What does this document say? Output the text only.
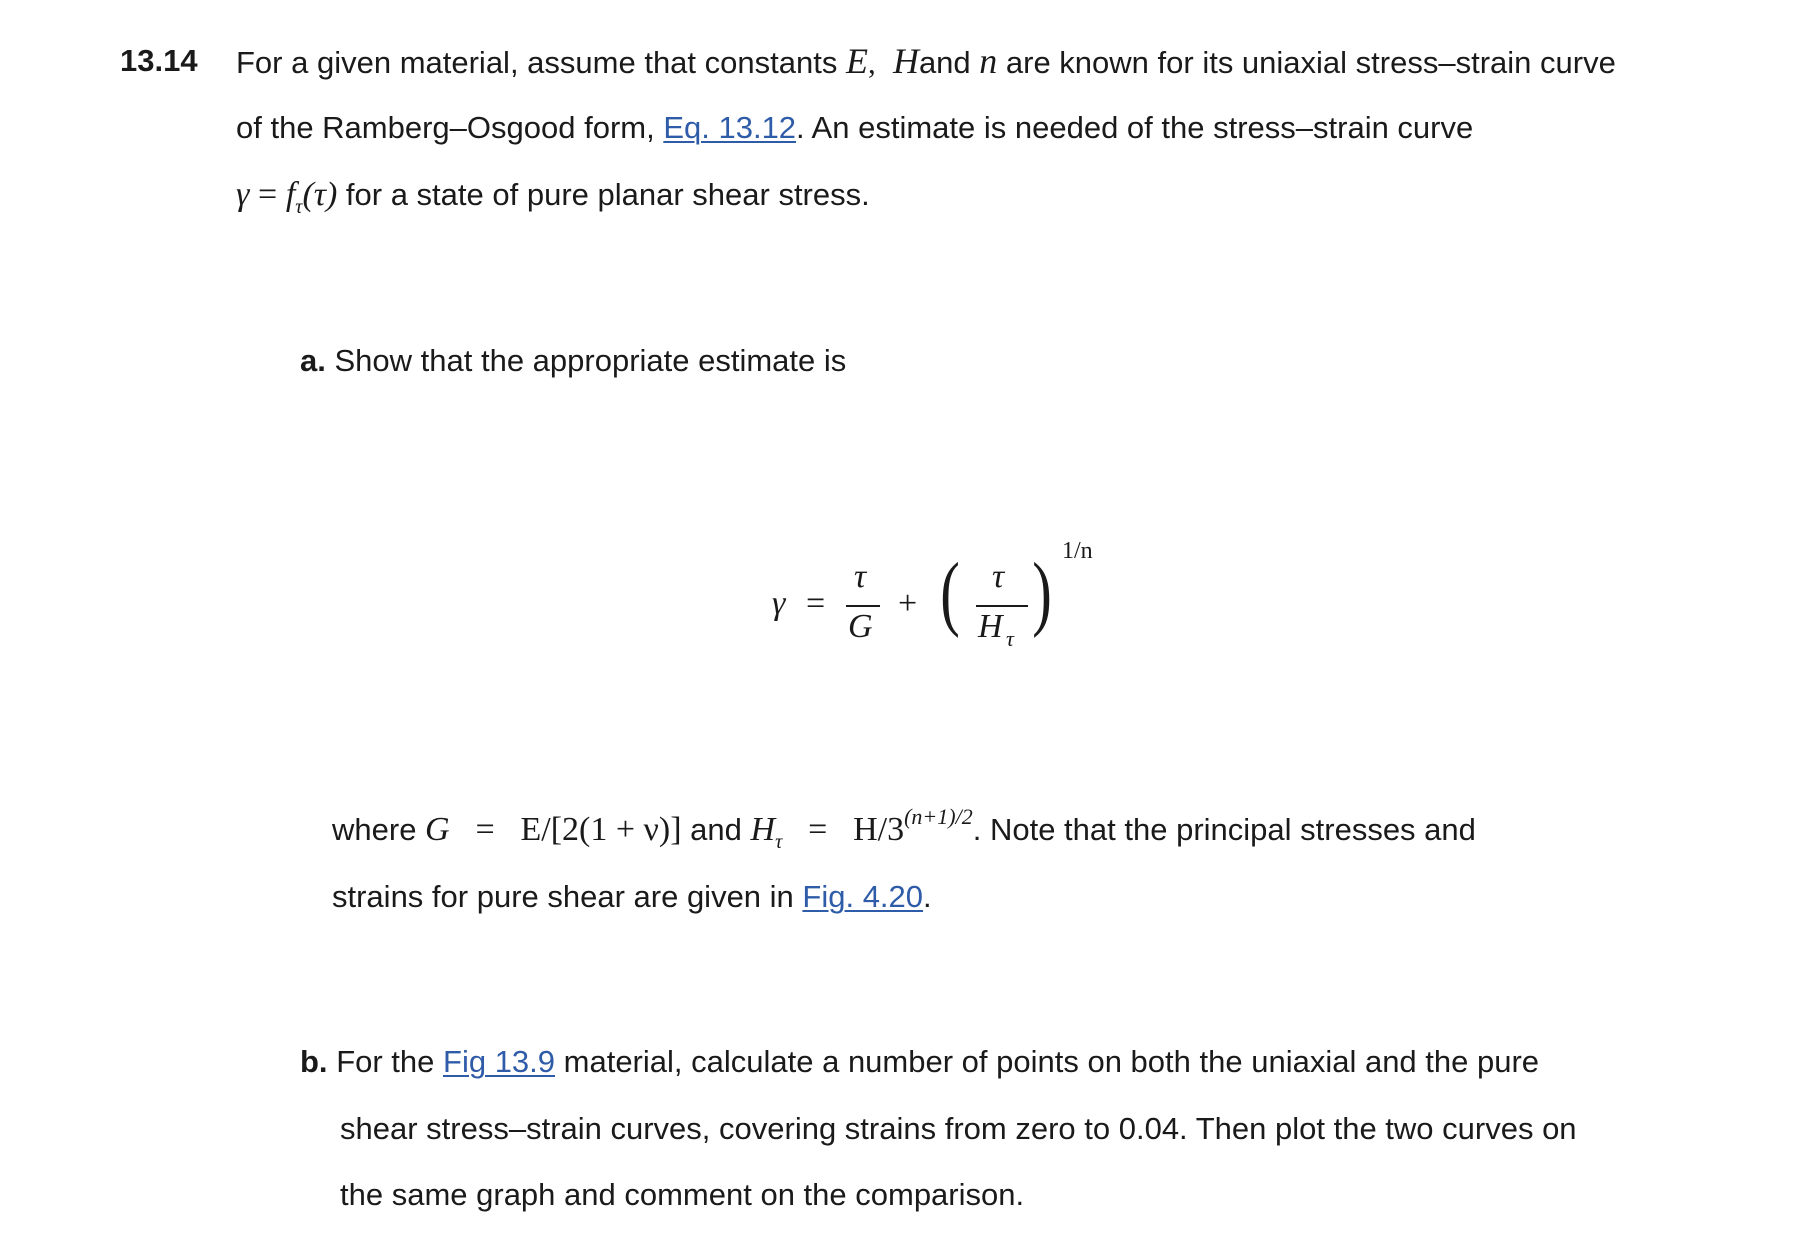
13.14 For a given material, assume that constants E, Hand n are known for its uniaxial stress–strain curve
of the Ramberg–Osgood form, Eq. 13.12. An estimate is needed of the stress–strain curve
$\gamma = f_\tau(\tau)$ for a state of pure planar shear stress.
a. Show that the appropriate estimate is
γ =
τ
G
+ ( τ
H τ ) 1/n
where G = E/[2(1 + ν)] and $H_\tau = H/3^{(n+1)/2}$. Note that the principal stresses and
strains for pure shear are given in Fig. 4.20.
b. For the Fig 13.9 material, calculate a number of points on both the uniaxial and the pure
shear stress–strain curves, covering strains from zero to 0.04. Then plot the two curves on
the same graph and comment on the comparison.
